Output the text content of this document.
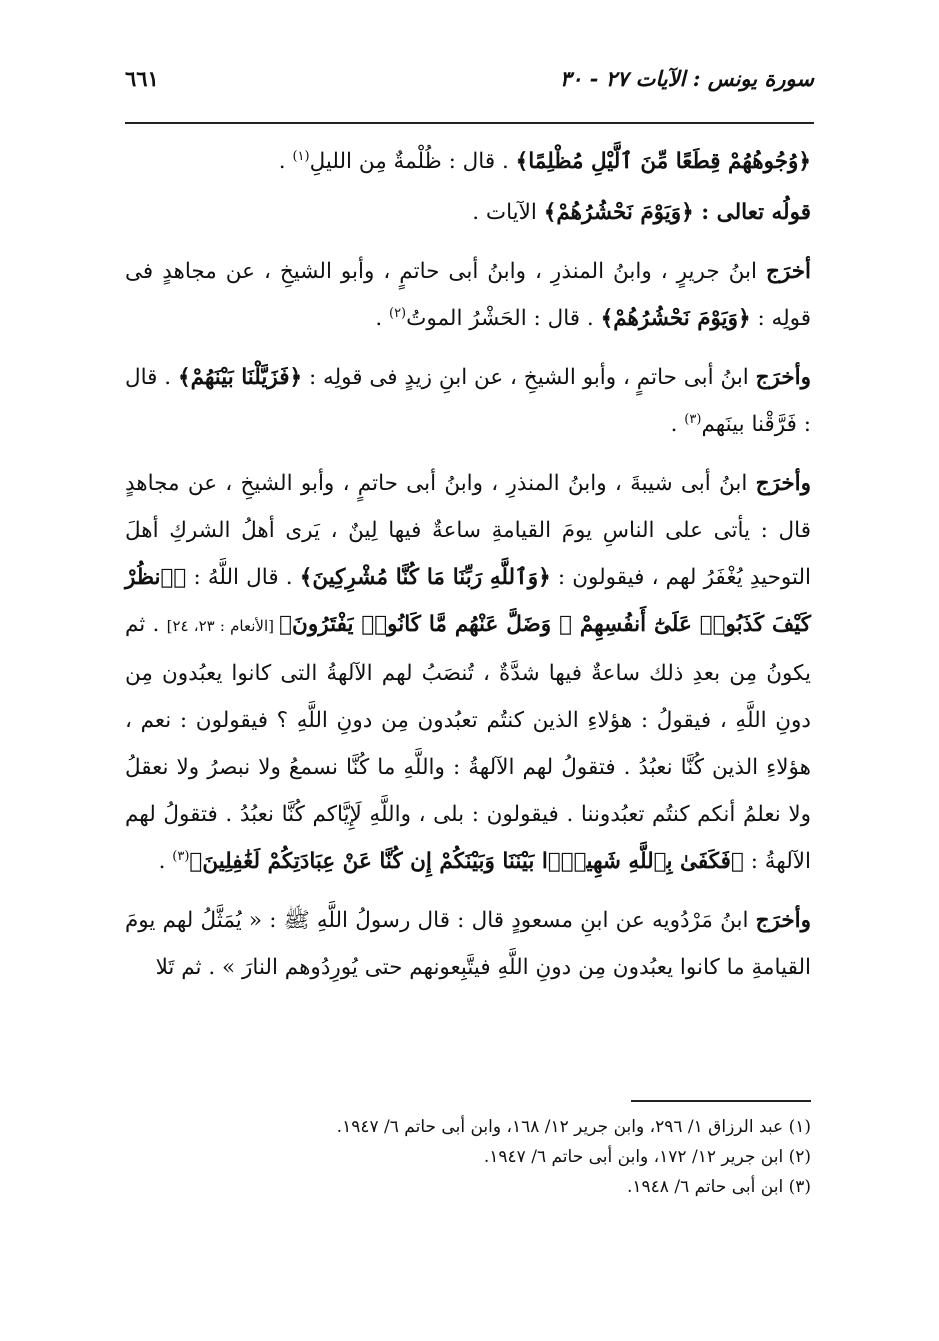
سورة يونس : الآيات ٢٧ - ٣٠
٦٦١

﴿وُجُوهُهُمْ قِطَعًا مِّنَ ٱلَّيْلِ مُظْلِمًا﴾ . قال : ظُلْمةٌ مِن الليلِ$^{(١)}$ .

قولُه تعالى : ﴿وَيَوْمَ نَحْشُرُهُمْ﴾ الآيات .

أخرَج ابنُ جريرٍ ، وابنُ المنذرِ ، وابنُ أبى حاتمٍ ، وأبو الشيخِ ، عن مجاهدٍ فى قولِه : ﴿وَيَوْمَ نَحْشُرُهُمْ﴾ . قال : الحَشْرُ الموتُ$^{(٢)}$ .

وأخرَج ابنُ أبى حاتمٍ ، وأبو الشيخِ ، عن ابنِ زيدٍ فى قولِه : ﴿فَزَيَّلْنَا بَيْنَهُمْ﴾ . قال : فَرَّقْنا بينَهم$^{(٣)}$ .

وأخرَج ابنُ أبى شيبةَ ، وابنُ المنذرِ ، وابنُ أبى حاتمٍ ، وأبو الشيخِ ، عن مجاهدٍ قال : يأتى على الناسِ يومَ القيامةِ ساعةٌ فيها لِينٌ ، يَرى أهلُ الشركِ أهلَ التوحيدِ يُغْفَرُ لهم ، فيقولون : ﴿وَٱللَّهِ رَبِّنَا مَا كُنَّا مُشْرِكِينَ﴾ . قال اللَّهُ : ﴿ٱنظُرْ كَيْفَ كَذَبُوا۟ عَلَىٰٓ أَنفُسِهِمْ ۚ وَضَلَّ عَنْهُم مَّا كَانُوا۟ يَفْتَرُونَ﴾ [الأنعام : ٢٣، ٢٤] . ثم يكونُ مِن بعدِ ذلك ساعةٌ فيها شدَّةٌ ، تُنصَبُ لهم الآلهةُ التى كانوا يعبُدون مِن دونِ اللَّهِ ، فيقولُ : هؤلاءِ الذين كنتُم تعبُدون مِن دونِ اللَّهِ ؟ فيقولون : نعم ، هؤلاءِ الذين كُنَّا نعبُدُ . فتقولُ لهم الآلهةُ : واللَّهِ ما كُنَّا نسمعُ ولا نبصرُ ولا نعقلُ ولا نعلمُ أنكم كنتُم تعبُدوننا . فيقولون : بلى ، واللَّهِ لَإِيَّاكم كُنَّا نعبُدُ . فتقولُ لهم الآلهةُ : ﴿فَكَفَىٰ بِٱللَّهِ شَهِيدًۢا بَيْنَنَا وَبَيْنَكُمْ إِن كُنَّا عَنْ عِبَادَتِكُمْ لَغَٰفِلِينَ﴾$^{(٣)}$ .

وأخرَج ابنُ مَرْدُويه عن ابنِ مسعودٍ قال : قال رسولُ اللَّهِ ﷺ : « يُمَثَّلُ لهم يومَ القيامةِ ما كانوا يعبُدون مِن دونِ اللَّهِ فيتَّبِعونهم حتى يُورِدُوهم النارَ » . ثم تَلا

(١) عبد الرزاق ١/ ٢٩٦، وابن جرير ١٢/ ١٦٨، وابن أبى حاتم ٦/ ١٩٤٧.

(٢) ابن جرير ١٢/ ١٧٢، وابن أبى حاتم ٦/ ١٩٤٧.

(٣) ابن أبى حاتم ٦/ ١٩٤٨.
